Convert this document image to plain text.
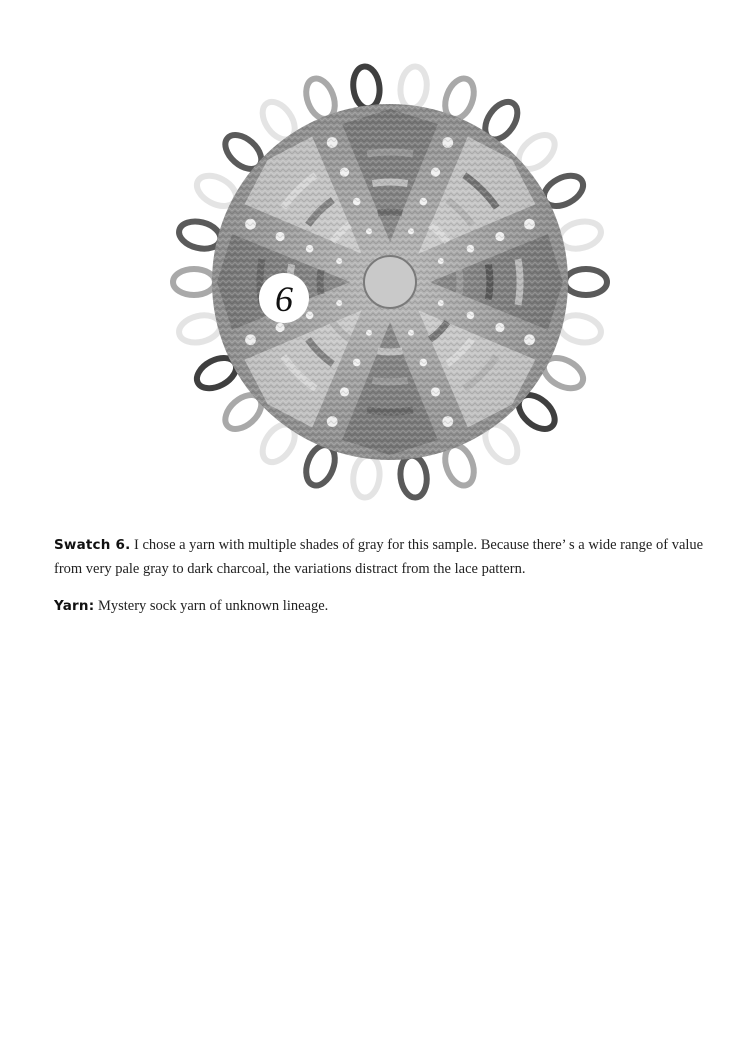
6
Swatch 6. I chose a yarn with multiple shades of gray for this sample. Because there’ s a wide range of value from very pale gray to dark charcoal, the variations distract from the lace pattern.
Yarn: Mystery sock yarn of unknown lineage.
